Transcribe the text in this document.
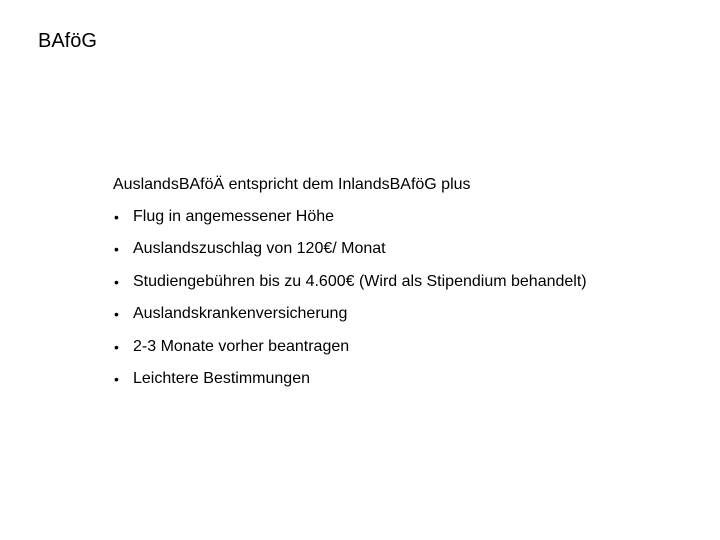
BAföG
AuslandsBAföÄ entspricht dem InlandsBAföG plus
• Flug in angemessener Höhe
• Auslandszuschlag von 120€/ Monat
• Studiengebühren bis zu 4.600€ (Wird als Stipendium behandelt)
• Auslandskrankenversicherung
• 2-3 Monate vorher beantragen
• Leichtere Bestimmungen
